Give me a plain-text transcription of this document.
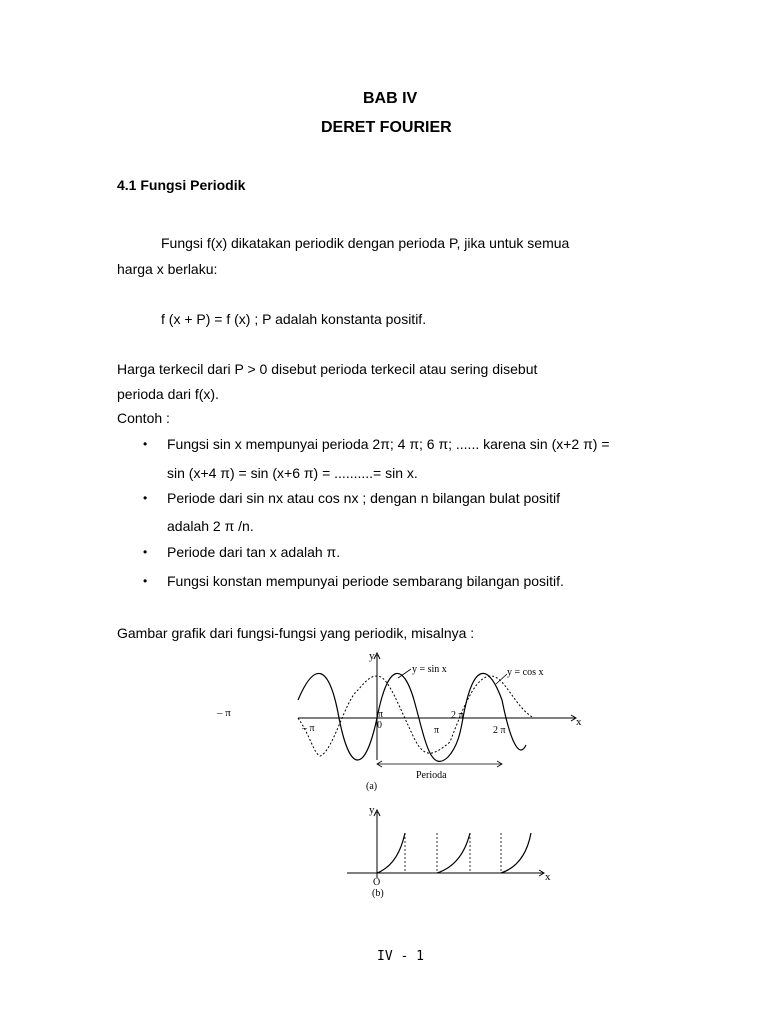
BAB IV
DERET FOURIER
4.1 Fungsi Periodik
Fungsi f(x) dikatakan periodik dengan perioda P, jika untuk semua
harga x berlaku:
f (x + P) = f (x) ; P adalah konstanta positif.
Harga terkecil dari P > 0 disebut perioda terkecil atau sering disebut
perioda dari f(x).
Contoh :
• Fungsi sin x mempunyai perioda 2π; 4 π; 6 π; ...... karena sin (x+2 π) =
sin (x+4 π) = sin (x+6 π) = ..........= sin x.
• Periode dari sin nx atau cos nx ; dengan n bilangan bulat positif
adalah 2 π /n.
• Periode dari tan x adalah π.
• Fungsi konstan mempunyai periode sembarang bilangan positif.
Gambar grafik dari fungsi-fungsi yang periodik, misalnya :
– π
y
x
y = sin x	y = cos x
– π
π
0	π
2 π
2 π
Perioda
(a)
y
x
O
(b)
IV - 1
